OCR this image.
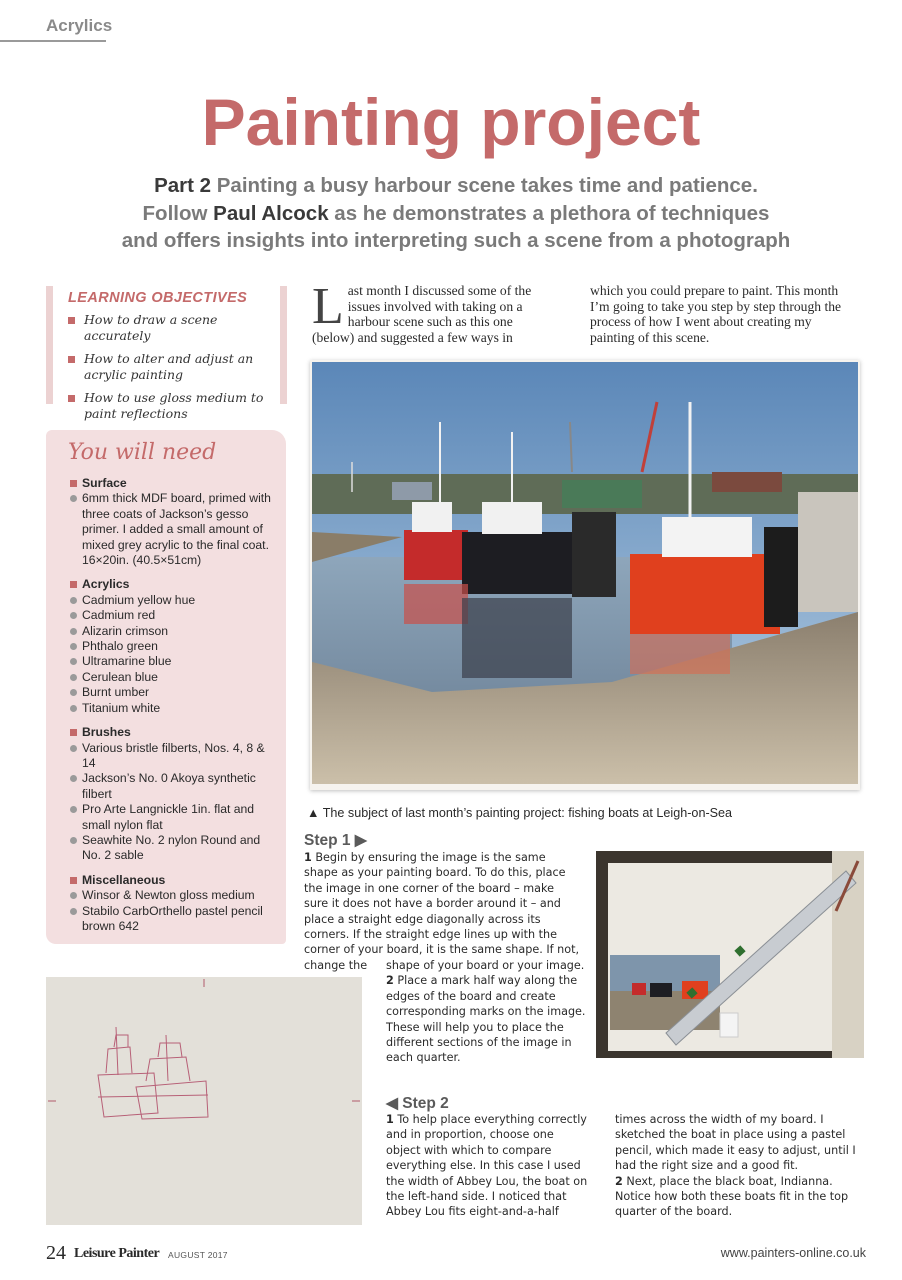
Acrylics
Painting project
Part 2 Painting a busy harbour scene takes time and patience.
Follow Paul Alcock as he demonstrates a plethora of techniques
and offers insights into interpreting such a scene from a photograph
LEARNING OBJECTIVES
How to draw a scene accurately
How to alter and adjust an acrylic painting
How to use gloss medium to paint reflections
You will need
Surface
6mm thick MDF board, primed with three coats of Jackson’s gesso primer. I added a small amount of mixed grey acrylic to the final coat. 16×20in. (40.5×51cm)
Acrylics
Cadmium yellow hue
Cadmium red
Alizarin crimson
Phthalo green
Ultramarine blue
Cerulean blue
Burnt umber
Titanium white
Brushes
Various bristle filberts, Nos. 4, 8 & 14
Jackson’s No. 0 Akoya synthetic filbert
Pro Arte Langnickle 1in. flat and small nylon flat
Seawhite No. 2 nylon Round and No. 2 sable
Miscellaneous
Winsor & Newton gloss medium
Stabilo CarbOrthello pastel pencil brown 642
Last month I discussed some of the issues involved with taking on a harbour scene such as this one (below) and suggested a few ways in
which you could prepare to paint. This month I’m going to take you step by step through the process of how I went about creating my painting of this scene.
▲ The subject of last month’s painting project: fishing boats at Leigh-on-Sea
Step 1 ▶
1 Begin by ensuring the image is the same shape as your painting board. To do this, place the image in one corner of the board – make sure it does not have a border around it – and place a straight edge diagonally across its corners. If the straight edge lines up with the corner of your board, it is the same shape. If not, change the	shape of your board or your image.
2 Place a mark half way along the edges of the board and create corresponding marks on the image. These will help you to place the different sections of the image in each quarter.
◀ Step 2
1 To help place everything correctly and in proportion, choose one object with which to compare everything else. In this case I used the width of Abbey Lou, the boat on the left-hand side. I noticed that Abbey Lou fits eight-and-a-half
times across the width of my board. I sketched the boat in place using a pastel pencil, which made it easy to adjust, until I had the right size and a good fit.
2 Next, place the black boat, Indianna. Notice how both these boats fit in the top quarter of the board.
24 Leisure Painter AUGUST 2017	www.painters-online.co.uk
